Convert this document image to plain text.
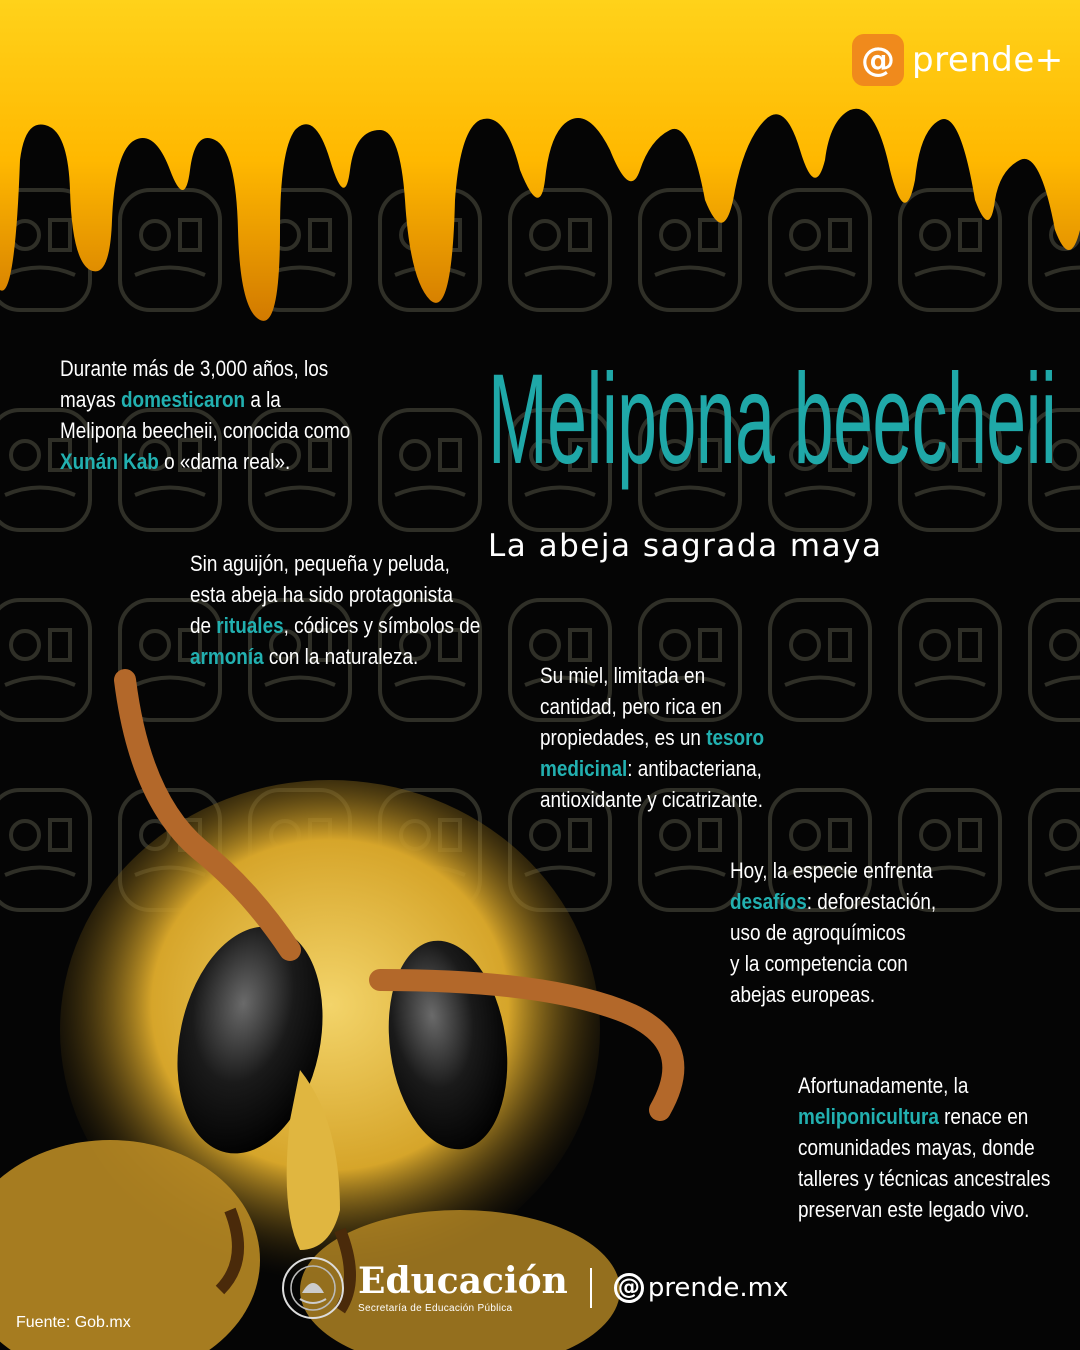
@ prende+
Melipona beecheii
La abeja sagrada maya
Durante más de 3,000 años, los
mayas domesticaron a la
Melipona beecheii, conocida como
Xunán Kab o «dama real».
Sin aguijón, pequeña y peluda,
esta abeja ha sido protagonista
de rituales, códices y símbolos de
armonía con la naturaleza.
Su miel, limitada en
cantidad, pero rica en
propiedades, es un tesoro
medicinal: antibacteriana,
antioxidante y cicatrizante.
Hoy, la especie enfrenta
desafíos: deforestación,
uso de agroquímicos
y la competencia con
abejas europeas.
Afortunadamente, la
meliponicultura renace en
comunidades mayas, donde
talleres y técnicas ancestrales
preservan este legado vivo.
Educación
Secretaría de Educación Pública
@ prende.mx
Fuente: Gob.mx
